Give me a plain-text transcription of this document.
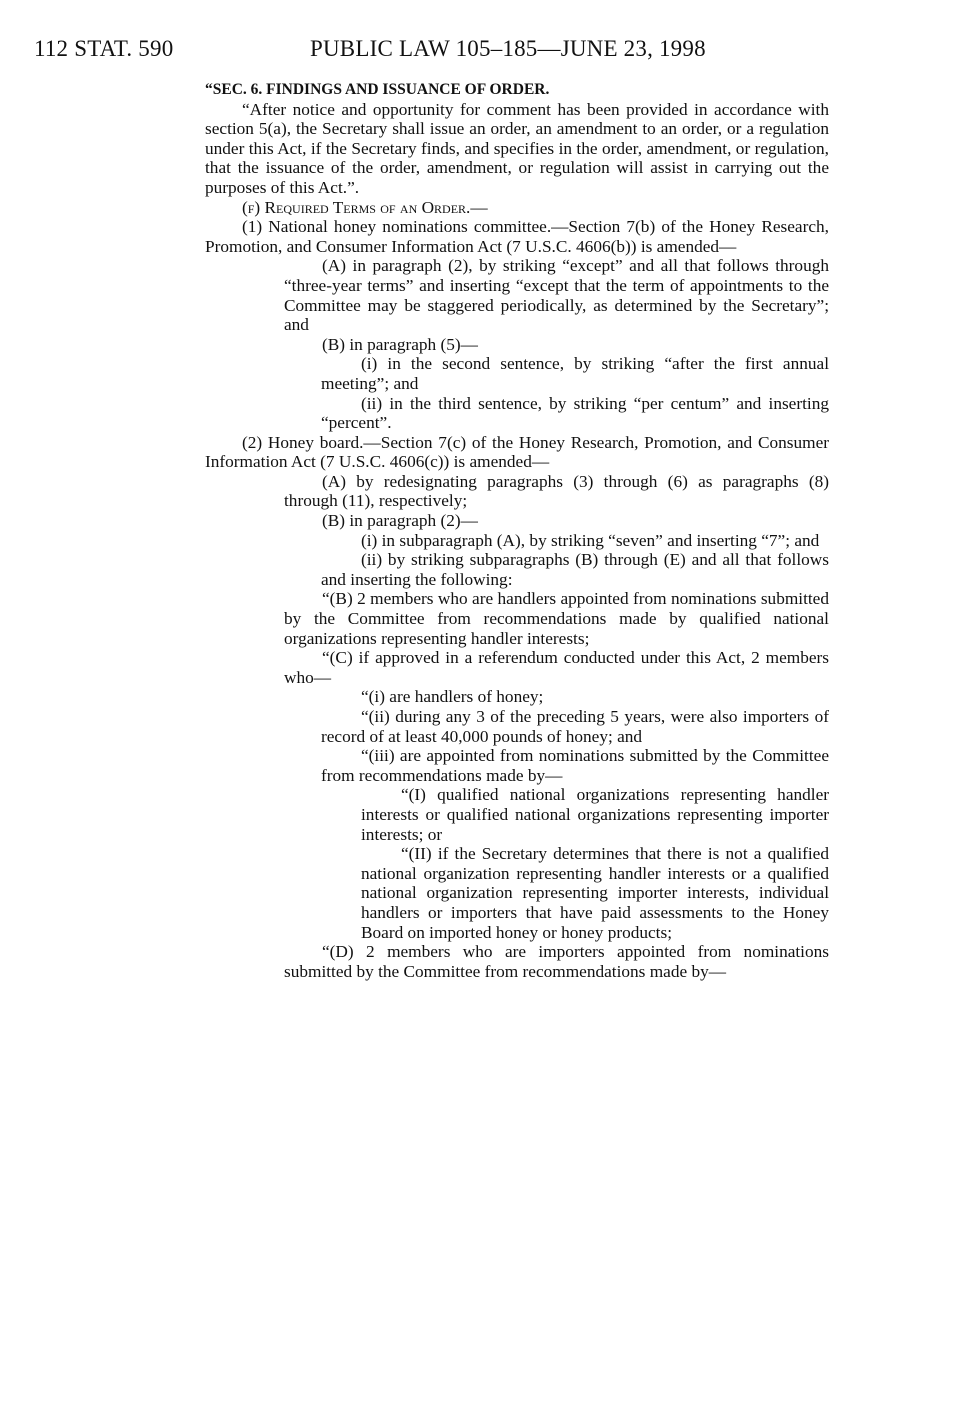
112 STAT. 590	PUBLIC LAW 105–185—JUNE 23, 1998

“SEC. 6. FINDINGS AND ISSUANCE OF ORDER.

“After notice and opportunity for comment has been provided in accordance with section 5(a), the Secretary shall issue an order, an amendment to an order, or a regulation under this Act, if the Secretary finds, and specifies in the order, amendment, or regulation, that the issuance of the order, amendment, or regulation will assist in carrying out the purposes of this Act.”.

(f) Required Terms of an Order.—

(1) National honey nominations committee.—Section 7(b) of the Honey Research, Promotion, and Consumer Information Act (7 U.S.C. 4606(b)) is amended—

(A) in paragraph (2), by striking “except” and all that follows through “three-year terms” and inserting “except that the term of appointments to the Committee may be staggered periodically, as determined by the Secretary”; and

(B) in paragraph (5)—

(i) in the second sentence, by striking “after the first annual meeting”; and

(ii) in the third sentence, by striking “per centum” and inserting “percent”.

(2) Honey board.—Section 7(c) of the Honey Research, Promotion, and Consumer Information Act (7 U.S.C. 4606(c)) is amended—

(A) by redesignating paragraphs (3) through (6) as paragraphs (8) through (11), respectively;

(B) in paragraph (2)—

(i) in subparagraph (A), by striking “seven” and inserting “7”; and

(ii) by striking subparagraphs (B) through (E) and all that follows and inserting the following:

“(B) 2 members who are handlers appointed from nominations submitted by the Committee from recommendations made by qualified national organizations representing handler interests;

“(C) if approved in a referendum conducted under this Act, 2 members who—

“(i) are handlers of honey;

“(ii) during any 3 of the preceding 5 years, were also importers of record of at least 40,000 pounds of honey; and

“(iii) are appointed from nominations submitted by the Committee from recommendations made by—

“(I) qualified national organizations representing handler interests or qualified national organizations representing importer interests; or

“(II) if the Secretary determines that there is not a qualified national organization representing handler interests or a qualified national organization representing importer interests, individual handlers or importers that have paid assessments to the Honey Board on imported honey or honey products;

“(D) 2 members who are importers appointed from nominations submitted by the Committee from recommendations made by—
